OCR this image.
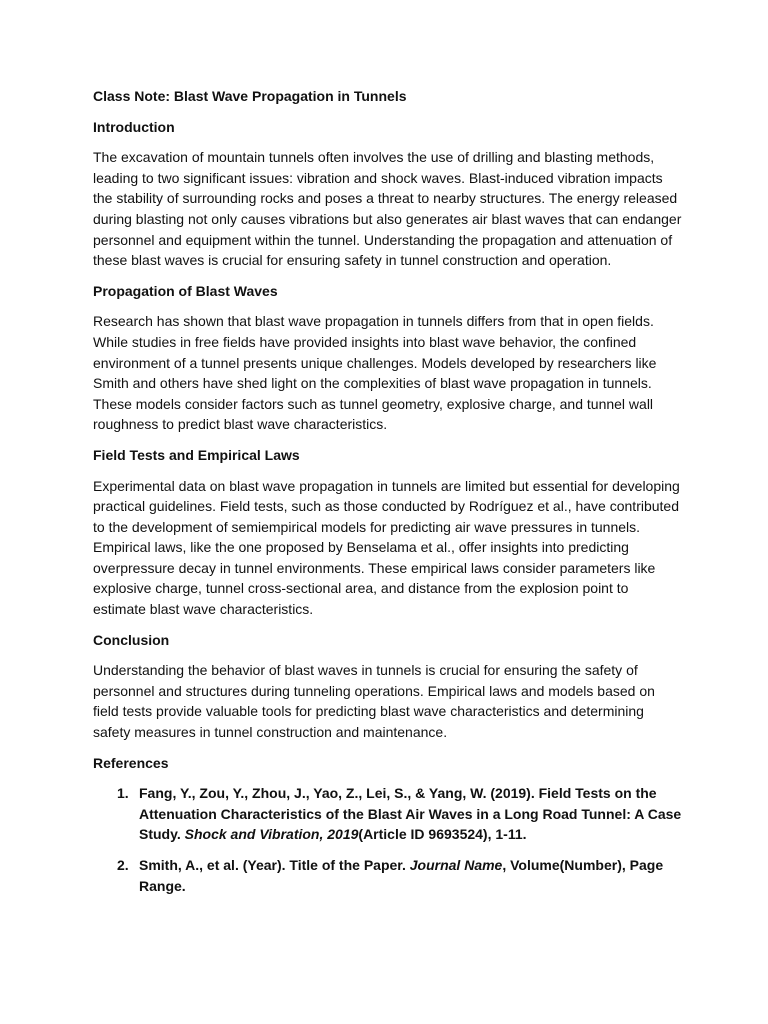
Class Note: Blast Wave Propagation in Tunnels
Introduction

The excavation of mountain tunnels often involves the use of drilling and blasting methods, leading to two significant issues: vibration and shock waves. Blast-induced vibration impacts the stability of surrounding rocks and poses a threat to nearby structures. The energy released during blasting not only causes vibrations but also generates air blast waves that can endanger personnel and equipment within the tunnel. Understanding the propagation and attenuation of these blast waves is crucial for ensuring safety in tunnel construction and operation.

Propagation of Blast Waves

Research has shown that blast wave propagation in tunnels differs from that in open fields. While studies in free fields have provided insights into blast wave behavior, the confined environment of a tunnel presents unique challenges. Models developed by researchers like Smith and others have shed light on the complexities of blast wave propagation in tunnels. These models consider factors such as tunnel geometry, explosive charge, and tunnel wall roughness to predict blast wave characteristics.

Field Tests and Empirical Laws

Experimental data on blast wave propagation in tunnels are limited but essential for developing practical guidelines. Field tests, such as those conducted by Rodríguez et al., have contributed to the development of semiempirical models for predicting air wave pressures in tunnels. Empirical laws, like the one proposed by Benselama et al., offer insights into predicting overpressure decay in tunnel environments. These empirical laws consider parameters like explosive charge, tunnel cross-sectional area, and distance from the explosion point to estimate blast wave characteristics.

Conclusion

Understanding the behavior of blast waves in tunnels is crucial for ensuring the safety of personnel and structures during tunneling operations. Empirical laws and models based on field tests provide valuable tools for predicting blast wave characteristics and determining safety measures in tunnel construction and maintenance.

References
1. Fang, Y., Zou, Y., Zhou, J., Yao, Z., Lei, S., & Yang, W. (2019). Field Tests on the Attenuation Characteristics of the Blast Air Waves in a Long Road Tunnel: A Case Study. Shock and Vibration, 2019(Article ID 9693524), 1-11.
2. Smith, A., et al. (Year). Title of the Paper. Journal Name, Volume(Number), Page Range.
